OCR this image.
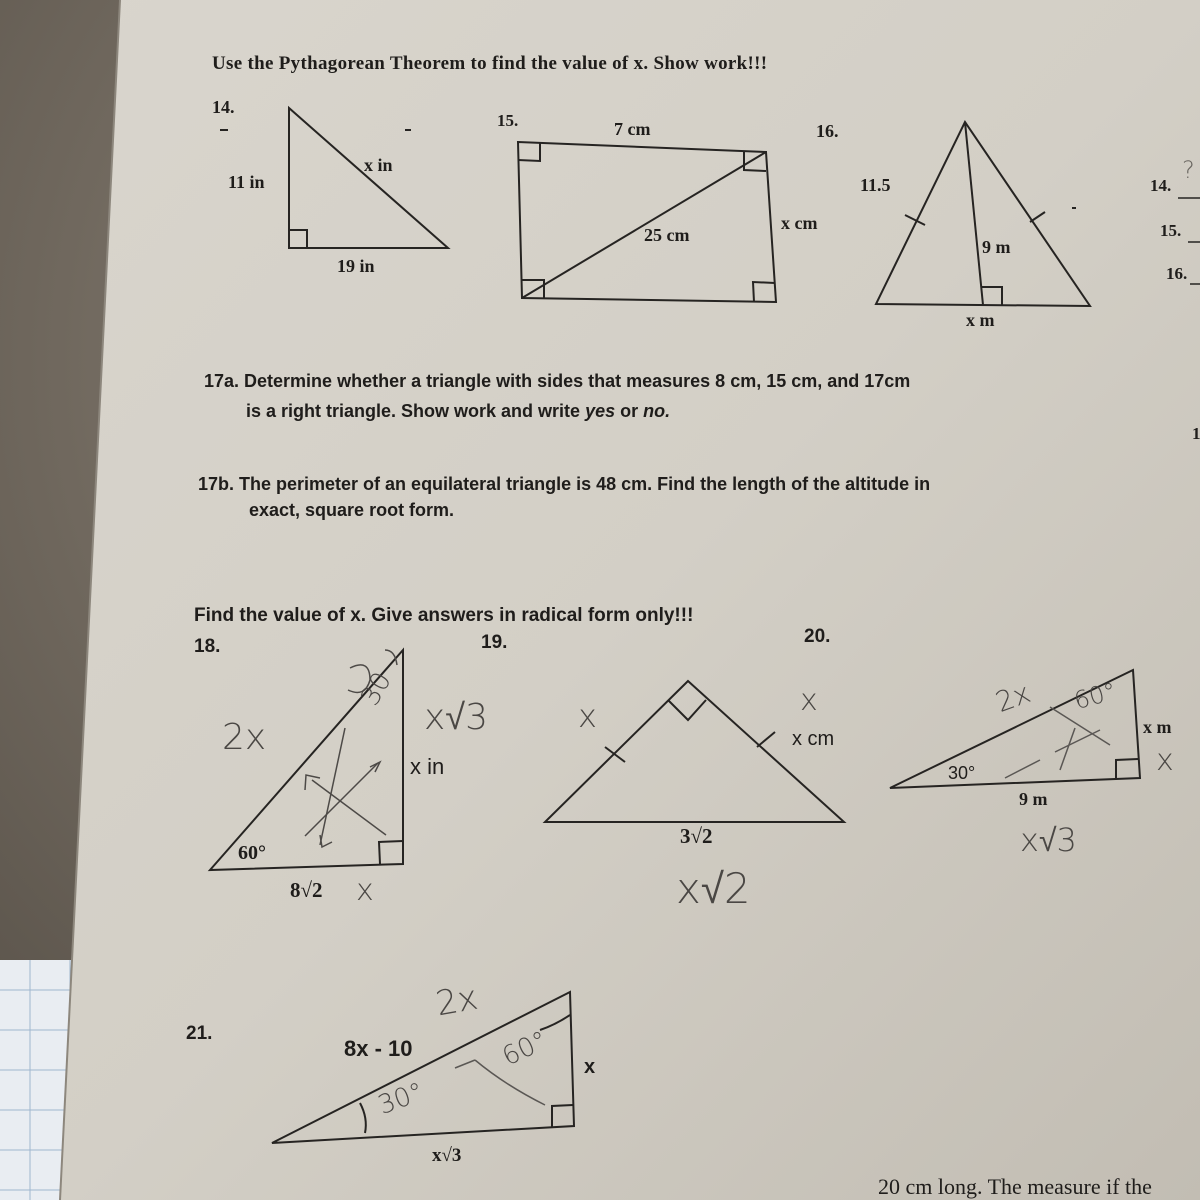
Use the Pythagorean Theorem to find the value of x. Show work!!!
14.
11 in
19 in
x in
15.	7 cm
25 cm
x cm
16.
11.5
9 m
x m
14.
15.
16.
?
1
17a. Determine whether a triangle with sides that measures 8 cm, 15 cm, and 17cm
is a right triangle. Show work and write yes or no.
17b. The perimeter of an equilateral triangle is 48 cm. Find the length of the altitude in
exact, square root form.
Find the value of x. Give answers in radical form only!!!
18.
60°
8√2
x in
19.
x cm
3√2
20.
30°
9 m
x m
21.
8x - 10
x√3
x
2x
30
x√3
x
x	x
x√2
2x 60°
x
x√3
2x
60°
30°
20 cm long. The measure if the
